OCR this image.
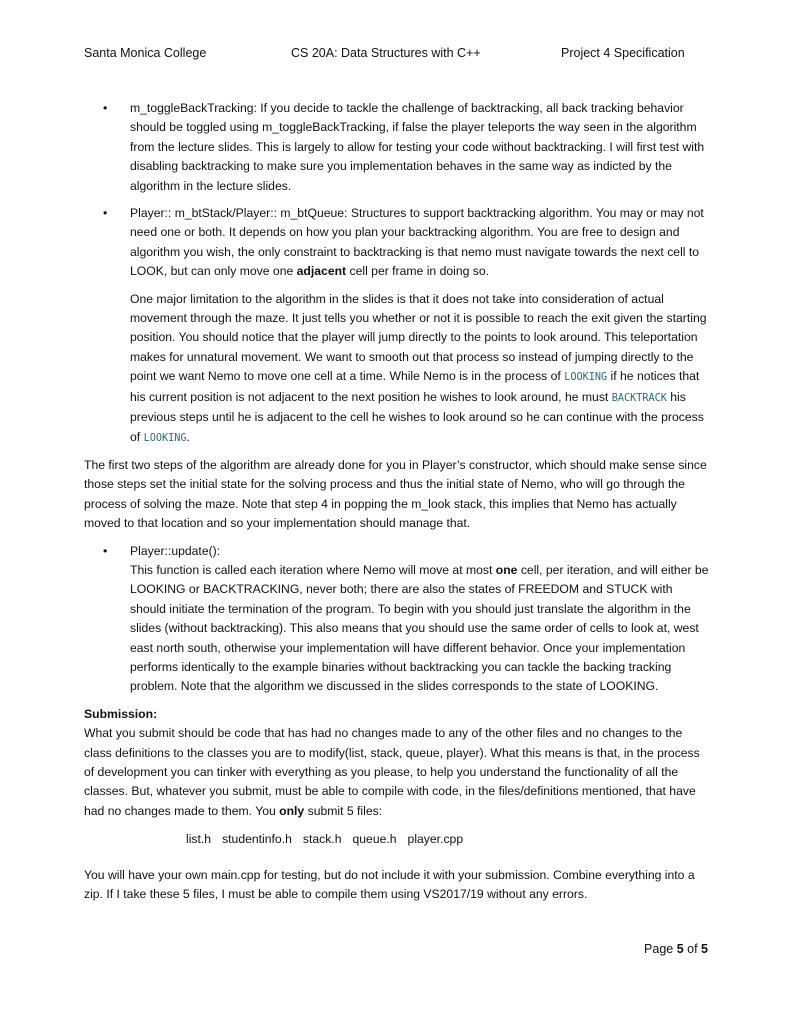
Santa Monica College	CS 20A: Data Structures with C++	Project 4 Specification
• m_toggleBackTracking: If you decide to tackle the challenge of backtracking, all back tracking behavior should be toggled using m_toggleBackTracking, if false the player teleports the way seen in the algorithm from the lecture slides. This is largely to allow for testing your code without backtracking. I will first test with disabling backtracking to make sure you implementation behaves in the same way as indicted by the algorithm in the lecture slides.

• Player:: m_btStack/Player:: m_btQueue: Structures to support backtracking algorithm. You may or may not need one or both. It depends on how you plan your backtracking algorithm. You are free to design and algorithm you wish, the only constraint to backtracking is that nemo must navigate towards the next cell to LOOK, but can only move one adjacent cell per frame in doing so.

One major limitation to the algorithm in the slides is that it does not take into consideration of actual movement through the maze. It just tells you whether or not it is possible to reach the exit given the starting position. You should notice that the player will jump directly to the points to look around. This teleportation makes for unnatural movement. We want to smooth out that process so instead of jumping directly to the point we want Nemo to move one cell at a time. While Nemo is in the process of LOOKING if he notices that his current position is not adjacent to the next position he wishes to look around, he must BACKTRACK his previous steps until he is adjacent to the cell he wishes to look around so he can continue with the process of LOOKING.

The first two steps of the algorithm are already done for you in Player’s constructor, which should make sense since those steps set the initial state for the solving process and thus the initial state of Nemo, who will go through the process of solving the maze. Note that step 4 in popping the m_look stack, this implies that Nemo has actually moved to that location and so your implementation should manage that.

• Player::update():

This function is called each iteration where Nemo will move at most one cell, per iteration, and will either be LOOKING or BACKTRACKING, never both; there are also the states of FREEDOM and STUCK with should initiate the termination of the program. To begin with you should just translate the algorithm in the slides (without backtracking). This also means that you should use the same order of cells to look at, west east north south, otherwise your implementation will have different behavior. Once your implementation performs identically to the example binaries without backtracking you can tackle the backing tracking problem. Note that the algorithm we discussed in the slides corresponds to the state of LOOKING.

Submission:

What you submit should be code that has had no changes made to any of the other files and no changes to the class definitions to the classes you are to modify(list, stack, queue, player). What this means is that, in the process of development you can tinker with everything as you please, to help you understand the functionality of all the classes. But, whatever you submit, must be able to compile with code, in the files/definitions mentioned, that have had no changes made to them. You only submit 5 files:

list.h studentinfo.h stack.h queue.h player.cpp

You will have your own main.cpp for testing, but do not include it with your submission. Combine everything into a zip. If I take these 5 files, I must be able to compile them using VS2017/19 without any errors.

Page 5 of 5
